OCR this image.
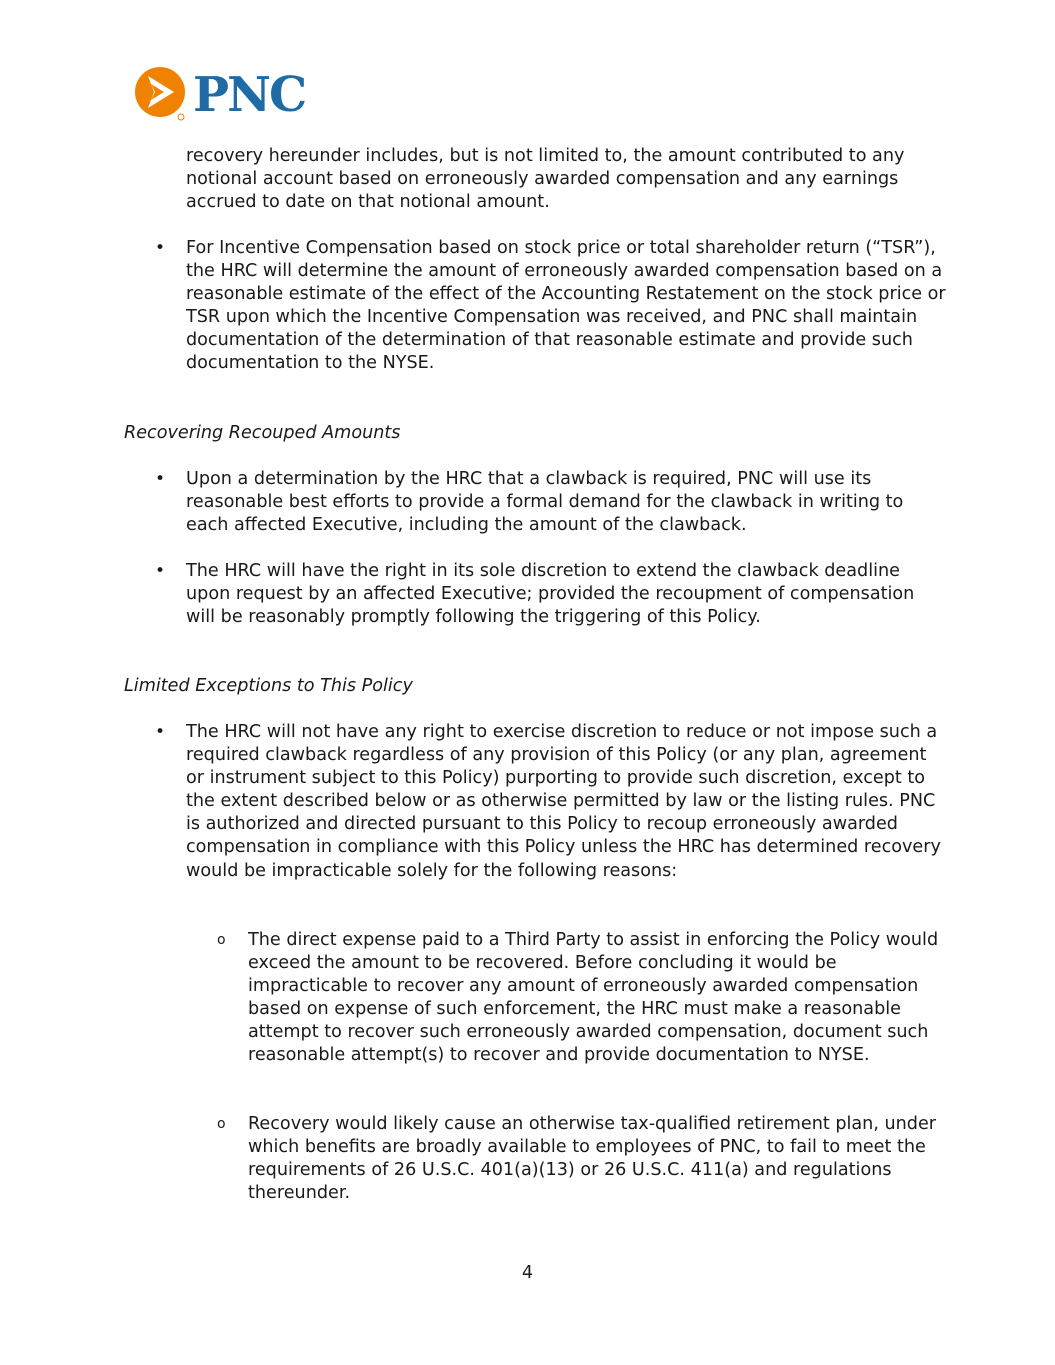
PNC

recovery hereunder includes, but is not limited to, the amount contributed to any notional account based on erroneously awarded compensation and any earnings accrued to date on that notional amount.

• For Incentive Compensation based on stock price or total shareholder return (“TSR”), the HRC will determine the amount of erroneously awarded compensation based on a reasonable estimate of the effect of the Accounting Restatement on the stock price or TSR upon which the Incentive Compensation was received, and PNC shall maintain documentation of the determination of that reasonable estimate and provide such documentation to the NYSE.

Recovering Recouped Amounts

• Upon a determination by the HRC that a clawback is required, PNC will use its reasonable best efforts to provide a formal demand for the clawback in writing to each affected Executive, including the amount of the clawback.

• The HRC will have the right in its sole discretion to extend the clawback deadline upon request by an affected Executive; provided the recoupment of compensation will be reasonably promptly following the triggering of this Policy.

Limited Exceptions to This Policy

• The HRC will not have any right to exercise discretion to reduce or not impose such a required clawback regardless of any provision of this Policy (or any plan, agreement or instrument subject to this Policy) purporting to provide such discretion, except to the extent described below or as otherwise permitted by law or the listing rules. PNC is authorized and directed pursuant to this Policy to recoup erroneously awarded compensation in compliance with this Policy unless the HRC has determined recovery would be impracticable solely for the following reasons:

o The direct expense paid to a Third Party to assist in enforcing the Policy would exceed the amount to be recovered. Before concluding it would be impracticable to recover any amount of erroneously awarded compensation based on expense of such enforcement, the HRC must make a reasonable attempt to recover such erroneously awarded compensation, document such reasonable attempt(s) to recover and provide documentation to NYSE.

o Recovery would likely cause an otherwise tax-qualified retirement plan, under which benefits are broadly available to employees of PNC, to fail to meet the requirements of 26 U.S.C. 401(a)(13) or 26 U.S.C. 411(a) and regulations thereunder.

4
